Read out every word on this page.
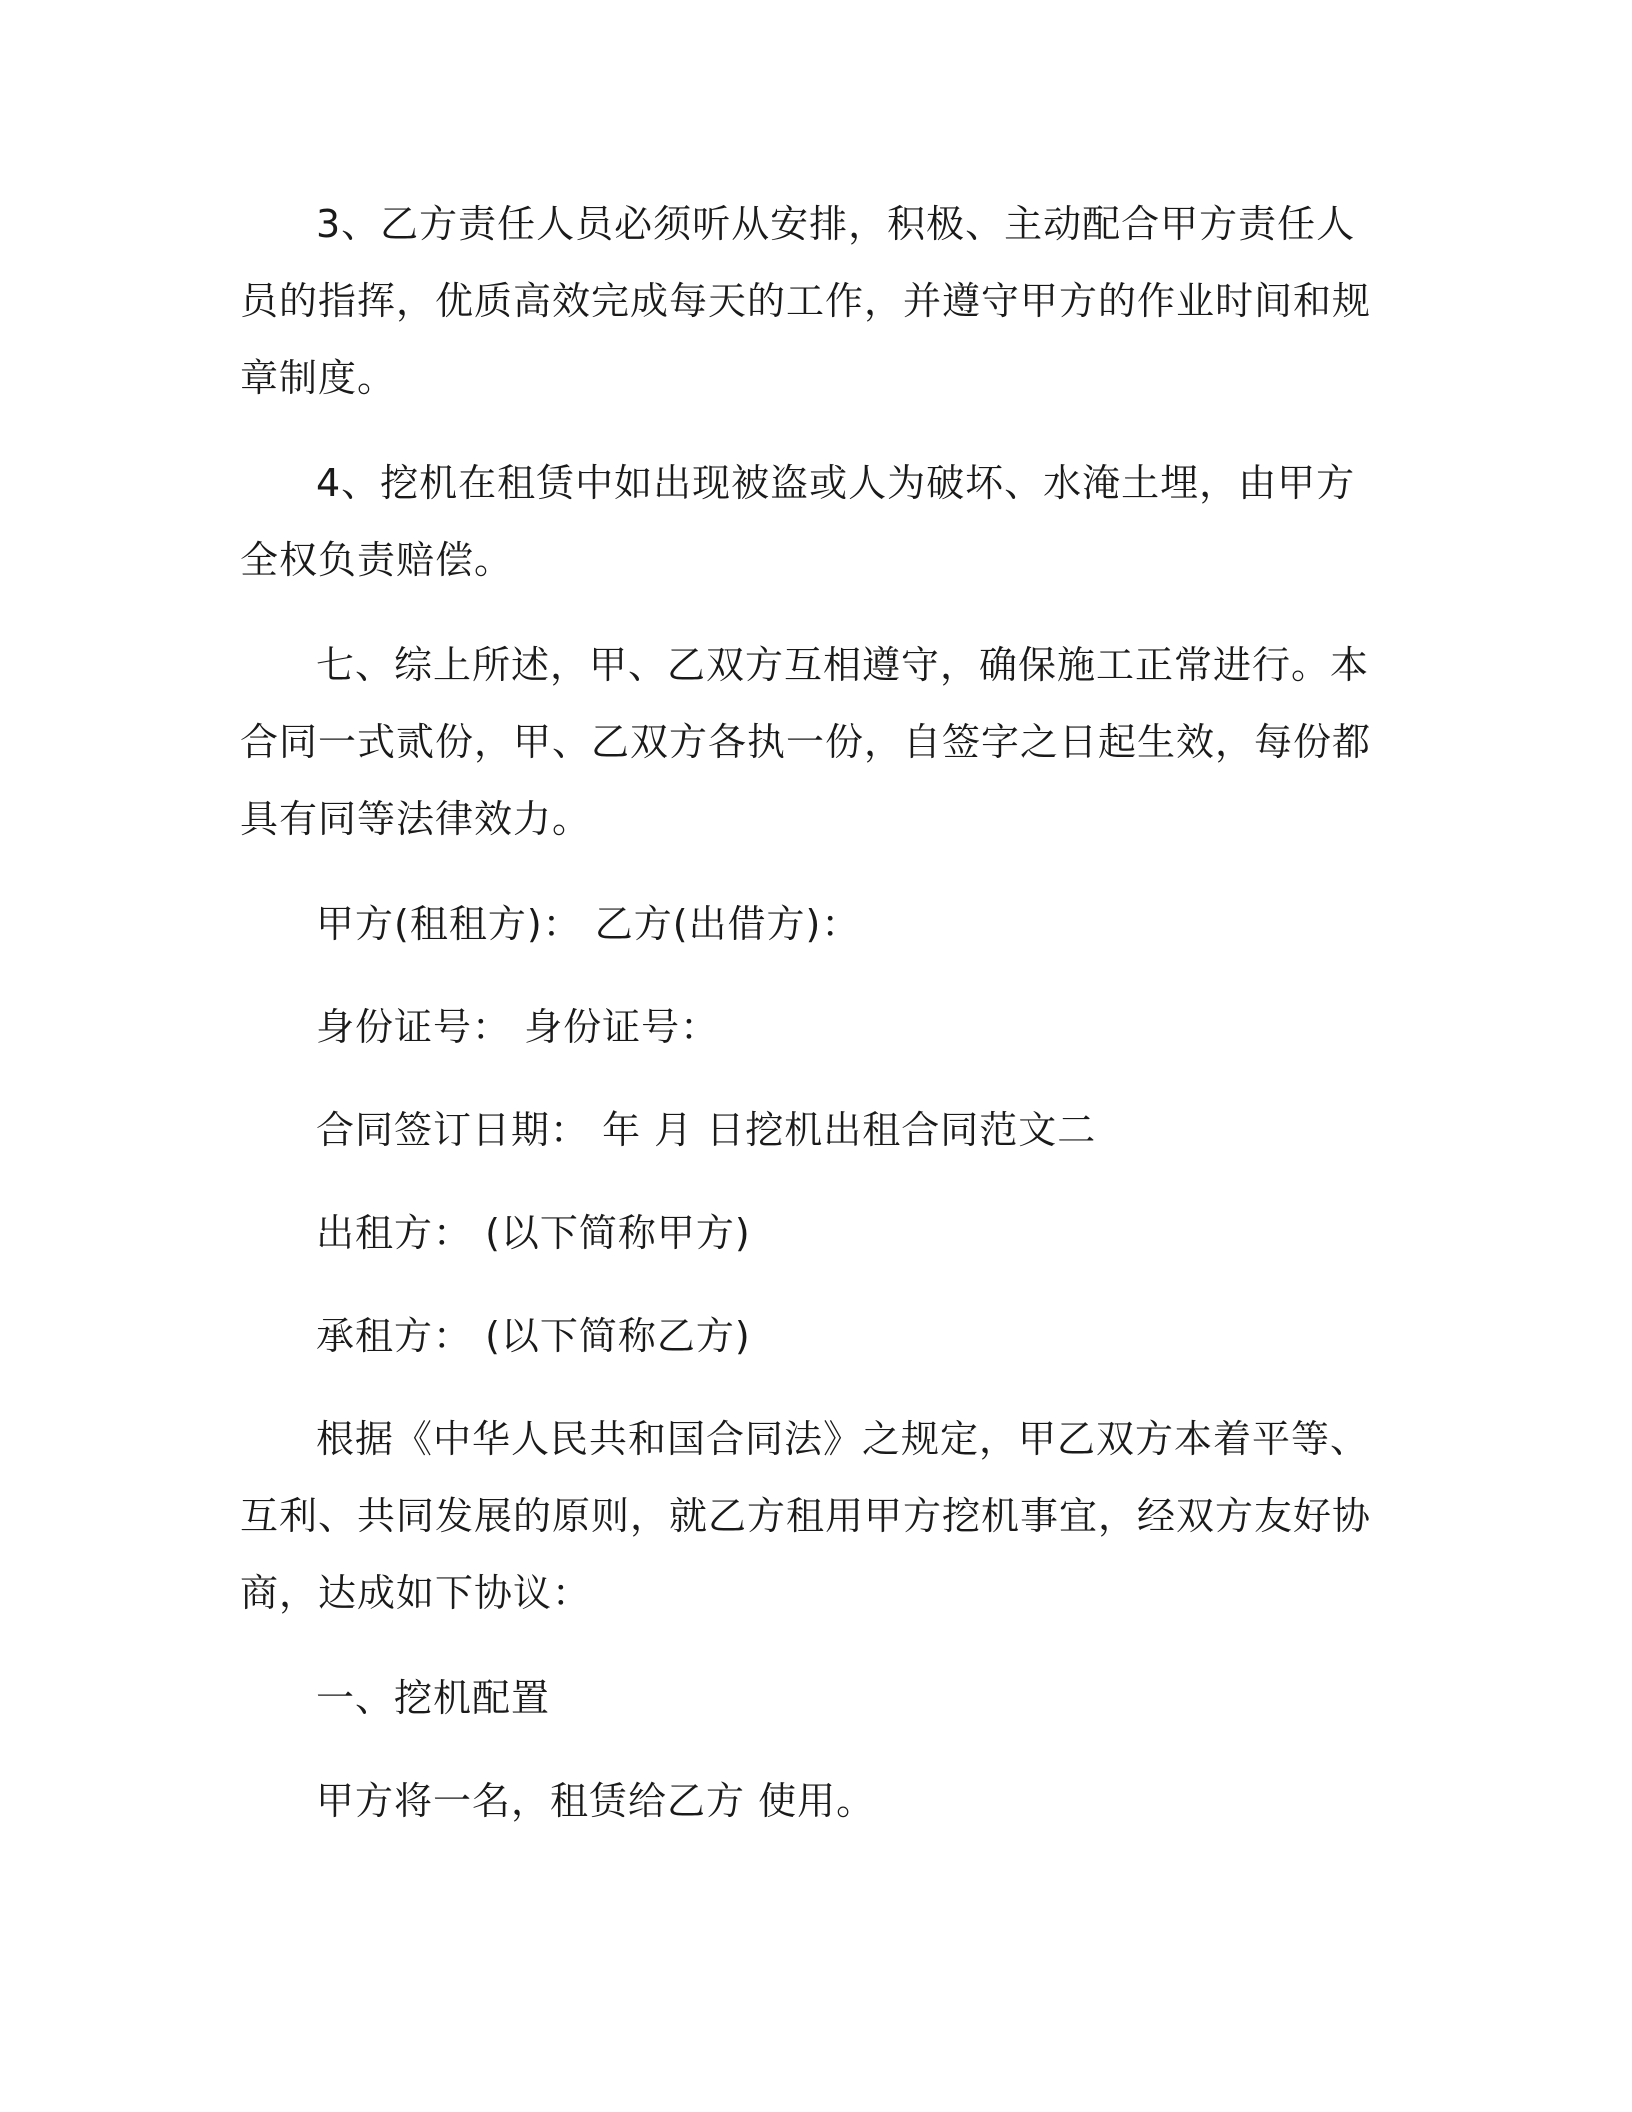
3、乙方责任人员必须听从安排，积极、主动配合甲方责任人员的指挥，优质高效完成每天的工作，并遵守甲方的作业时间和规章制度。

4、挖机在租赁中如出现被盗或人为破坏、水淹土埋，由甲方全权负责赔偿。

七、综上所述，甲、乙双方互相遵守，确保施工正常进行。本合同一式贰份，甲、乙双方各执一份，自签字之日起生效，每份都具有同等法律效力。

甲方(租租方)： 乙方(出借方)：

身份证号： 身份证号：

合同签订日期： 年 月 日挖机出租合同范文二

出租方： (以下简称甲方)

承租方： (以下简称乙方)

根据《中华人民共和国合同法》之规定，甲乙双方本着平等、互利、共同发展的原则，就乙方租用甲方挖机事宜，经双方友好协商，达成如下协议：

一、挖机配置

甲方将一名，租赁给乙方 使用。
